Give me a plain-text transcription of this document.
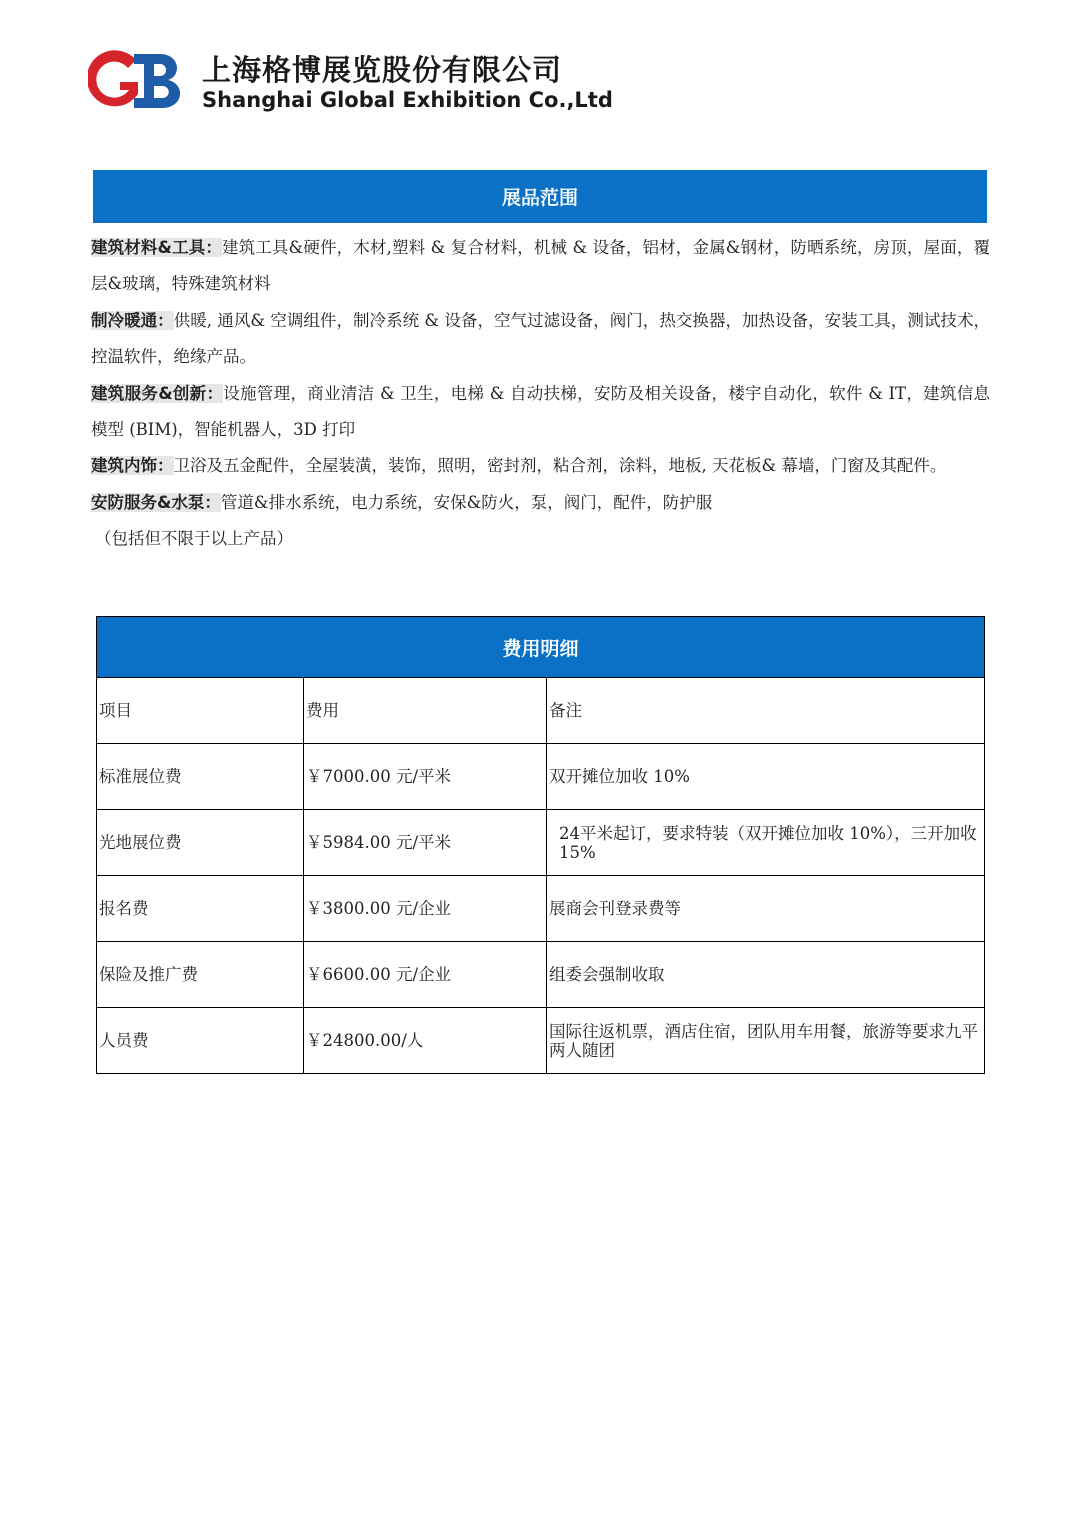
上海格博展览股份有限公司
Shanghai Global Exhibition Co.,Ltd
展品范围

建筑材料&工具：建筑工具&硬件，木材,塑料 & 复合材料，机械 & 设备，铝材，金属&钢材，防晒系统，房顶，屋面，覆层&玻璃，特殊建筑材料

制冷暖通：供暖, 通风& 空调组件，制冷系统 & 设备，空气过滤设备，阀门，热交换器，加热设备，安装工具，测试技术，控温软件，绝缘产品。

建筑服务&创新：设施管理，商业清洁 & 卫生，电梯 & 自动扶梯，安防及相关设备，楼宇自动化，软件 & IT，建筑信息模型 (BIM)，智能机器人，3D 打印

建筑内饰：卫浴及五金配件，全屋装潢，装饰，照明，密封剂，粘合剂，涂料，地板, 天花板& 幕墙，门窗及其配件。

安防服务&水泵：管道&排水系统，电力系统，安保&防火，泵，阀门，配件，防护服

（包括但不限于以上产品）

费用明细		
项目	费用	备注
标准展位费	￥7000.00 元/平米	双开摊位加收 10%
光地展位费	￥5984.00 元/平米	24平米起订，要求特装（双开摊位加收 10%），三开加收15%
报名费	￥3800.00 元/企业	展商会刊登录费等
保险及推广费	￥6600.00 元/企业	组委会强制收取
人员费	￥24800.00/人	国际往返机票，酒店住宿，团队用车用餐，旅游等要求九平两人随团
